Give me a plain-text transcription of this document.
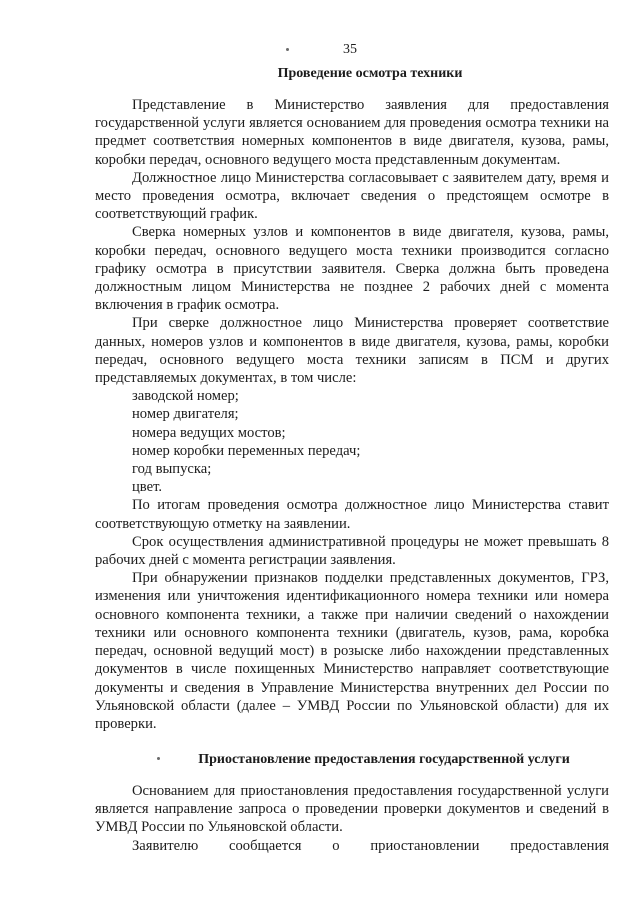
35
Проведение осмотра техники

Представление в Министерство заявления для предоставления государственной услуги является основанием для проведения осмотра техники на предмет соответствия номерных компонентов в виде двигателя, кузова, рамы, коробки передач, основного ведущего моста представленным документам.

Должностное лицо Министерства согласовывает с заявителем дату, время и место проведения осмотра, включает сведения о предстоящем осмотре в соответствующий график.

Сверка номерных узлов и компонентов в виде двигателя, кузова, рамы, коробки передач, основного ведущего моста техники производится согласно графику осмотра в присутствии заявителя. Сверка должна быть проведена должностным лицом Министерства не позднее 2 рабочих дней с момента включения в график осмотра.

При сверке должностное лицо Министерства проверяет соответствие данных, номеров узлов и компонентов в виде двигателя, кузова, рамы, коробки передач, основного ведущего моста техники записям в ПСМ и других представляемых документах, в том числе:

заводской номер;

номер двигателя;

номера ведущих мостов;

номер коробки переменных передач;

год выпуска;

цвет.

По итогам проведения осмотра должностное лицо Министерства ставит соответствующую отметку на заявлении.

Срок осуществления административной процедуры не может превышать 8 рабочих дней с момента регистрации заявления.

При обнаружении признаков подделки представленных документов, ГРЗ, изменения или уничтожения идентификационного номера техники или номера основного компонента техники, а также при наличии сведений о нахождении техники или основного компонента техники (двигатель, кузов, рама, коробка передач, основной ведущий мост) в розыске либо нахождении представленных документов в числе похищенных Министерство направляет соответствующие документы и сведения в Управление Министерства внутренних дел России по Ульяновской области (далее – УМВД России по Ульяновской области) для их проверки.

Приостановление предоставления государственной услуги

Основанием для приостановления предоставления государственной услуги является направление запроса о проведении проверки документов и сведений в УМВД России по Ульяновской области.

Заявителю сообщается о приостановлении предоставления
